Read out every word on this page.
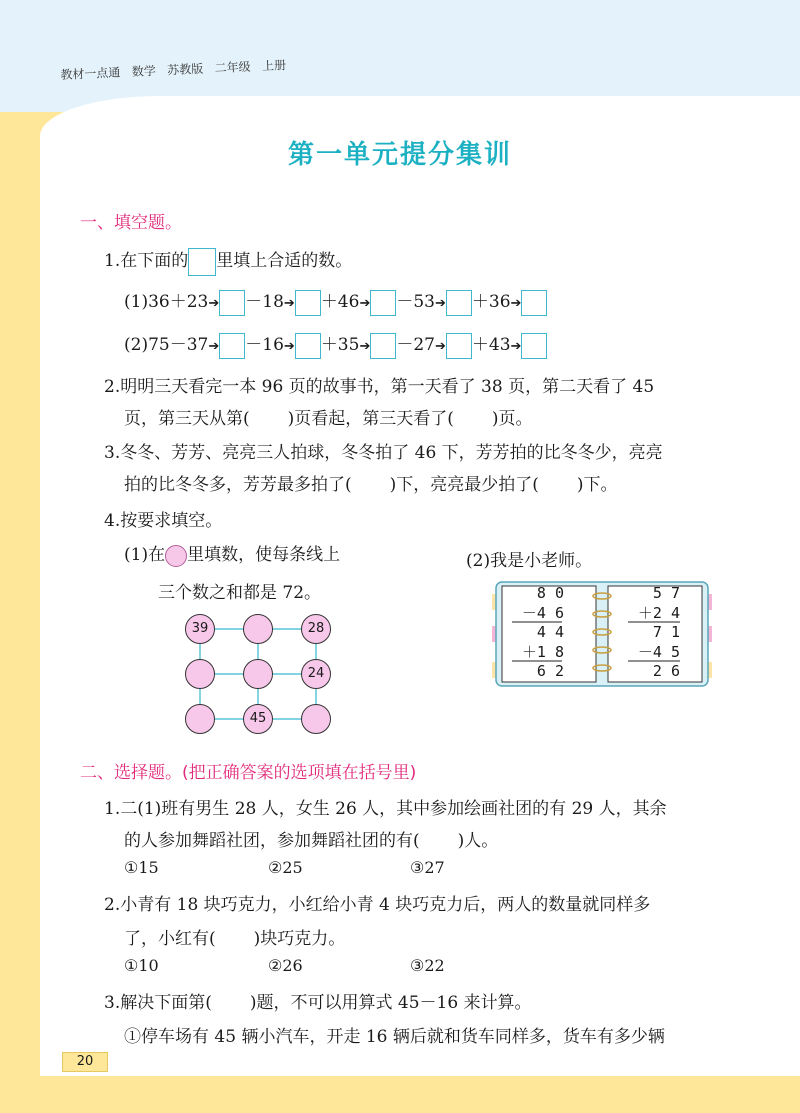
教材一点通 数学 苏教版 二年级 上册
第一单元提分集训
一、填空题。
1.在下面的 里填上合适的数。
(1)36＋23➔ －18➔ ＋46➔ －53➔ ＋36➔
(2)75－37➔ －16➔ ＋35➔ －27➔ ＋43➔
2.明明三天看完一本 96 页的故事书，第一天看了 38 页，第二天看了 45
页，第三天从第( )页看起，第三天看了( )页。
3.冬冬、芳芳、亮亮三人拍球，冬冬拍了 46 下，芳芳拍的比冬冬少，亮亮
拍的比冬冬多，芳芳最多拍了( )下，亮亮最少拍了( )下。
4.按要求填空。
(1)在 里填数，使每条线上
三个数之和都是 72。
39	28
24
45
(2)我是小老师。
8 0
－4 6
4 4
＋1 8
6 2
5 7
＋2 4
7 1
－4 5
2 6
二、选择题。(把正确答案的选项填在括号里)
1.二(1)班有男生 28 人，女生 26 人，其中参加绘画社团的有 29 人，其余
的人参加舞蹈社团，参加舞蹈社团的有( )人。
①15	②25	③27
2.小青有 18 块巧克力，小红给小青 4 块巧克力后，两人的数量就同样多
了，小红有( )块巧克力。
①10	②26	③22
3.解决下面第( )题，不可以用算式 45－16 来计算。
①停车场有 45 辆小汽车，开走 16 辆后就和货车同样多，货车有多少辆
20
